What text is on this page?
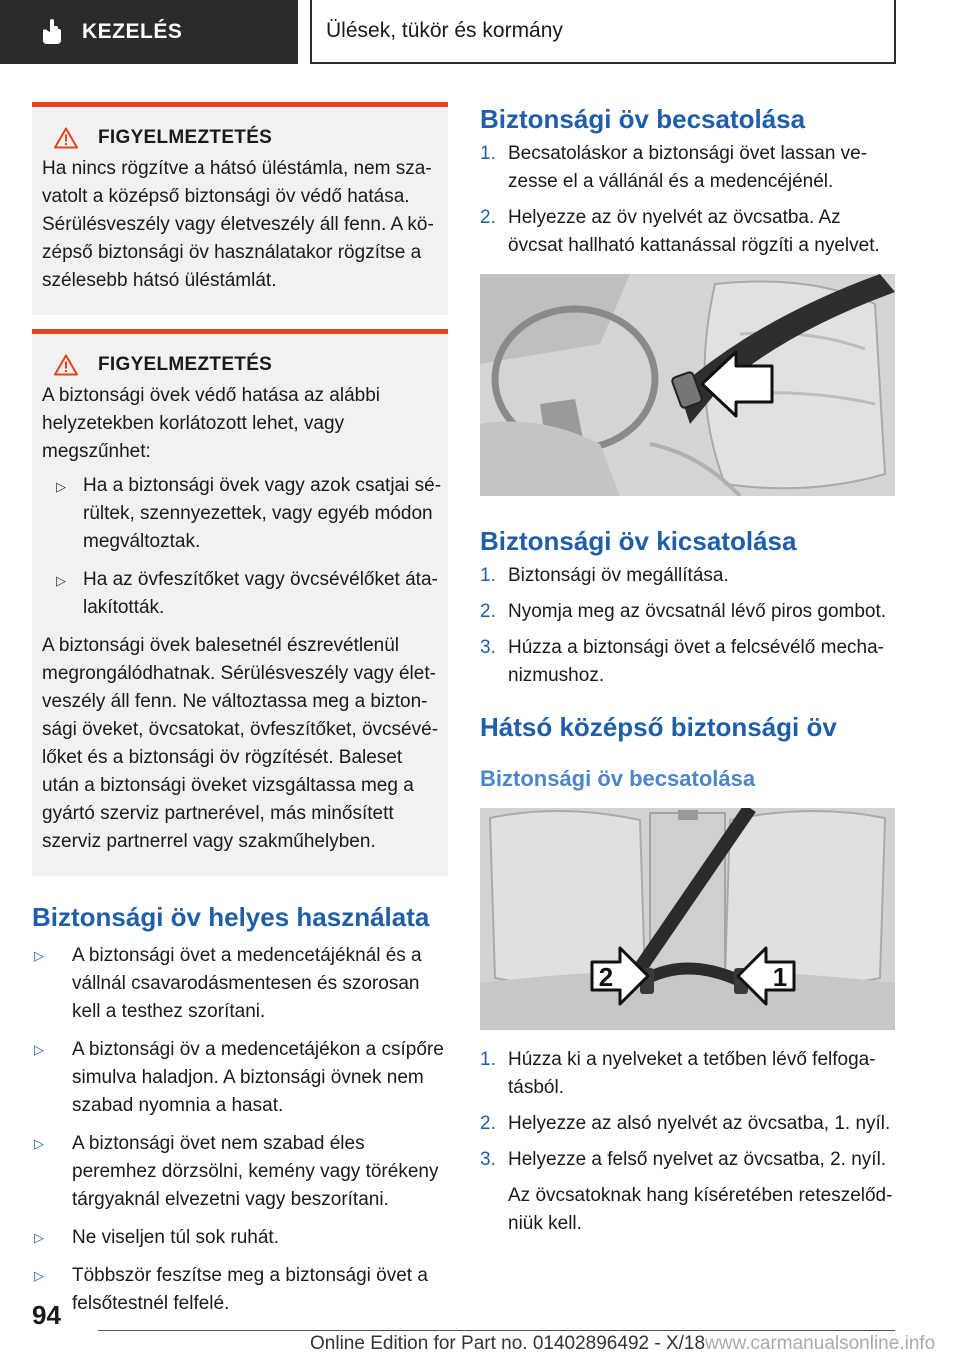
KEZELÉS	Ülések, tükör és kormány
FIGYELMEZTETÉS

Ha nincs rögzítve a hátsó üléstámla, nem szavatolt a középső biztonsági öv védő hatása. Sérülésveszély vagy életveszély áll fenn. A középső biztonsági öv használatakor rögzítse a szélesebb hátsó üléstámlát.

FIGYELMEZTETÉS

A biztonsági övek védő hatása az alábbi helyzetekben korlátozott lehet, vagy megszűnhet:

▷ Ha a biztonsági övek vagy azok csatjai sérültek, szennyezettek, vagy egyéb módon megváltoztak.
▷ Ha az övfeszítőket vagy övcsévélőket átalakították.

A biztonsági övek balesetnél észrevétlenül megrongálódhatnak. Sérülésveszély vagy életveszély áll fenn. Ne változtassa meg a biztonsági öveket, övcsatokat, övfeszítőket, övcsévélőket és a biztonsági öv rögzítését. Baleset után a biztonsági öveket vizsgáltassa meg a gyártó szerviz partnerével, más minősített szerviz partnerrel vagy szakműhelyben.

Biztonsági öv helyes használata
▷	A biztonsági övet a medencetájéknál és a vállnál csavarodásmentesen és szorosan kell a testhez szorítani.
▷	A biztonsági öv a medencetájékon a csípőre simulva haladjon. A biztonsági övnek nem szabad nyomnia a hasat.
▷	A biztonsági övet nem szabad éles peremhez dörzsölni, kemény vagy törékeny tárgyaknál elvezetni vagy beszorítani.
▷	Ne viseljen túl sok ruhát.
▷	Többször feszítse meg a biztonsági övet a felsőtestnél felfelé.
Biztonsági öv becsatolása
1. Becsatoláskor a biztonsági övet lassan vezesse el a vállánál és a medencéjénél.
2. Helyezze az öv nyelvét az övcsatba. Az övcsat hallható kattanással rögzíti a nyelvet.
Biztonsági öv kicsatolása
1. Biztonsági öv megállítása.
2. Nyomja meg az övcsatnál lévő piros gombot.
3. Húzza a biztonsági övet a felcsévélő mechanizmushoz.
Hátsó középső biztonsági öv
Biztonsági öv becsatolása
2	1
1. Húzza ki a nyelveket a tetőben lévő felfogatásból.
2. Helyezze az alsó nyelvét az övcsatba, 1. nyíl.
3. Helyezze a felső nyelvet az övcsatba, 2. nyíl.

Az övcsatoknak hang kíséretében reteszelődniük kell.

94
Online Edition for Part no. 01402896492 - X/18 www.carmanualsonline.info
